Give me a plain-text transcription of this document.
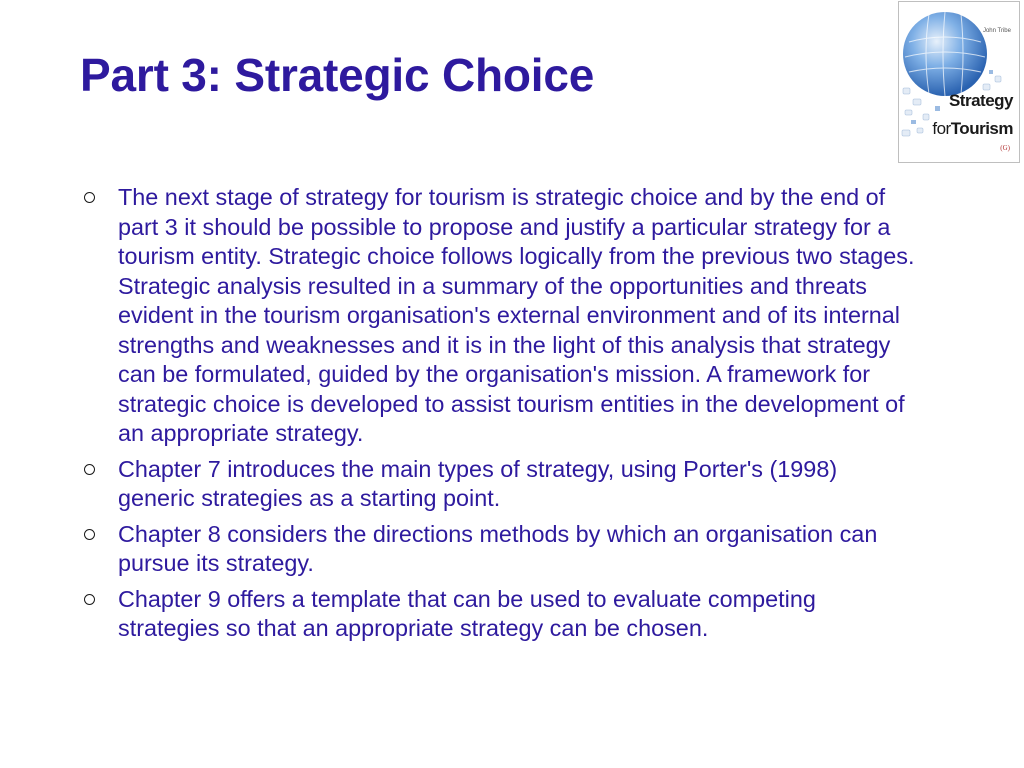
Part 3: Strategic Choice
John Tribe
Strategy
forTourism
(G)
The next stage of strategy for tourism is strategic choice and by the end of part 3 it should be possible to propose and justify a particular strategy for a tourism entity. Strategic choice follows logically from the previous two stages. Strategic analysis resulted in a summary of the opportunities and threats evident in the tourism organisation's external environment and of its internal strengths and weaknesses and it is in the light of this analysis that strategy can be formulated, guided by the organisation's mission. A framework for strategic choice is developed to assist tourism entities in the development of an appropriate strategy.
Chapter 7 introduces the main types of strategy, using Porter's (1998) generic strategies as a starting point.
Chapter 8 considers the directions methods by which an organisation can pursue its strategy.
Chapter 9 offers a template that can be used to evaluate competing strategies so that an appropriate strategy can be chosen.
